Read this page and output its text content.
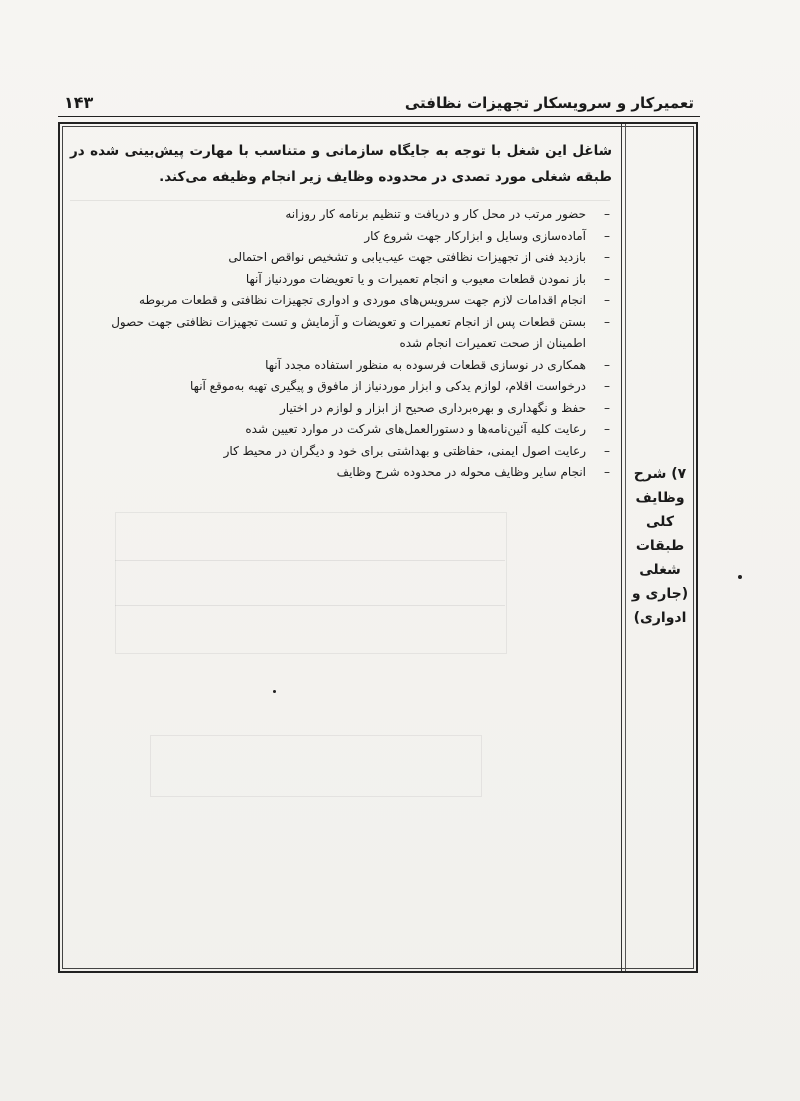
تعمیرکار و سرویسکار تجهیزات نظافتی
۱۴۳
۷) شرح
وظایف
کلی
طبقات
شغلی
(جاری و
ادواری)

شاغل این شغل با توجه به جایگاه سازمانی و متناسب با مهارت پیش‌بینی شده در طبقه شغلی مورد تصدی در محدوده وظایف زیر انجام وظیفه می‌کند.

–
حضور مرتب در محل کار و دریافت و تنظیم برنامه کار روزانه
–
آماده‌سازی وسایل و ابزارکار جهت شروع کار
–
بازدید فنی از تجهیزات نظافتی جهت عیب‌یابی و تشخیص نواقص احتمالی
–
باز نمودن قطعات معیوب و انجام تعمیرات و یا تعویضات موردنیاز آنها
–
انجام اقدامات لازم جهت سرویس‌های موردی و ادواری تجهیزات نظافتی و قطعات مربوطه
–
بستن قطعات پس از انجام تعمیرات و تعویضات و آزمایش و تست تجهیزات نظافتی جهت حصول اطمینان از صحت تعمیرات انجام شده
–
همکاری در نوسازی قطعات فرسوده به منظور استفاده مجدد آنها
–
درخواست اقلام، لوازم یدکی و ابزار موردنیاز از مافوق و پیگیری تهیه به‌موقع آنها
–
حفظ و نگهداری و بهره‌برداری صحیح از ابزار و لوازم در اختیار
–
رعایت کلیه آئین‌نامه‌ها و دستورالعمل‌های شرکت در موارد تعیین شده
–
رعایت اصول ایمنی، حفاظتی و بهداشتی برای خود و دیگران در محیط کار
–
انجام سایر وظایف محوله در محدوده شرح وظایف
